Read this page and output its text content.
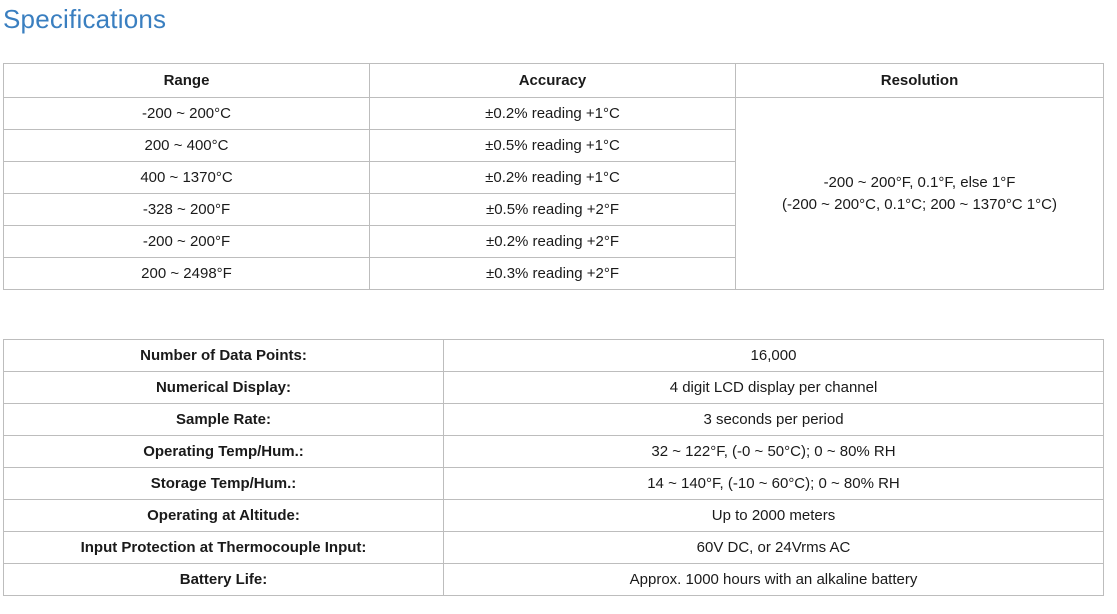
Specifications
Range	Accuracy	Resolution
-200 ~ 200°C	±0.2% reading +1°C	-200 ~ 200°F, 0.1°F, else 1°F
(-200 ~ 200°C, 0.1°C; 200 ~ 1370°C 1°C)
200 ~ 400°C	±0.5% reading +1°C	
400 ~ 1370°C	±0.2% reading +1°C	
-328 ~ 200°F	±0.5% reading +2°F	
-200 ~ 200°F	±0.2% reading +2°F	
200 ~ 2498°F	±0.3% reading +2°F	
Number of Data Points:	16,000
Numerical Display:	4 digit LCD display per channel
Sample Rate:	3 seconds per period
Operating Temp/Hum.:	32 ~ 122°F, (-0 ~ 50°C); 0 ~ 80% RH
Storage Temp/Hum.:	14 ~ 140°F, (-10 ~ 60°C); 0 ~ 80% RH
Operating at Altitude:	Up to 2000 meters
Input Protection at Thermocouple Input:	60V DC, or 24Vrms AC
Battery Life:	Approx. 1000 hours with an alkaline battery
